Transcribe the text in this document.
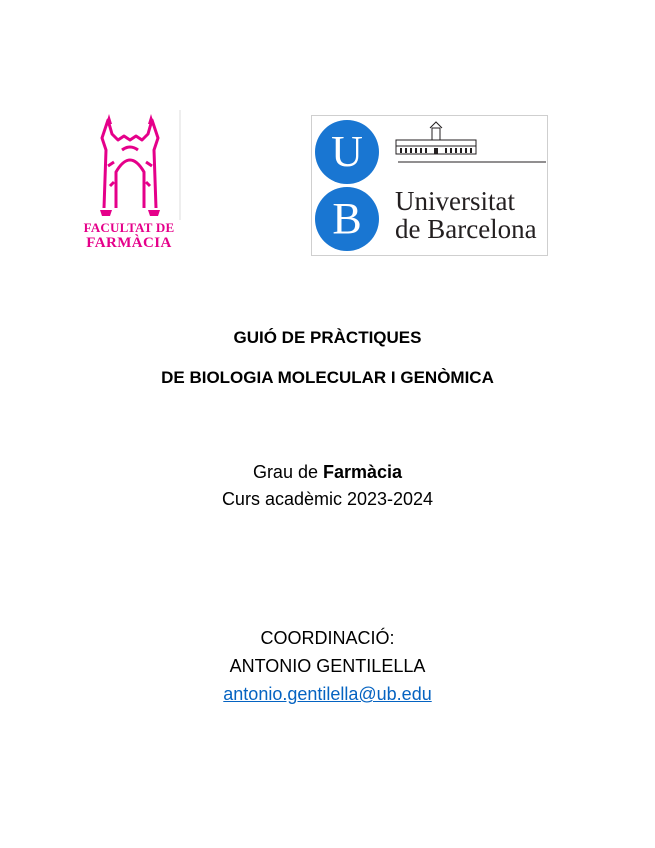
FACULTAT DE
FARMÀCIA
U
B	Universitat
de Barcelona
GUIÓ DE PRÀCTIQUES
DE BIOLOGIA MOLECULAR I GENÒMICA
Grau de Farmàcia
Curs acadèmic 2023-2024
COORDINACIÓ:
ANTONIO GENTILELLA
antonio.gentilella@ub.edu
